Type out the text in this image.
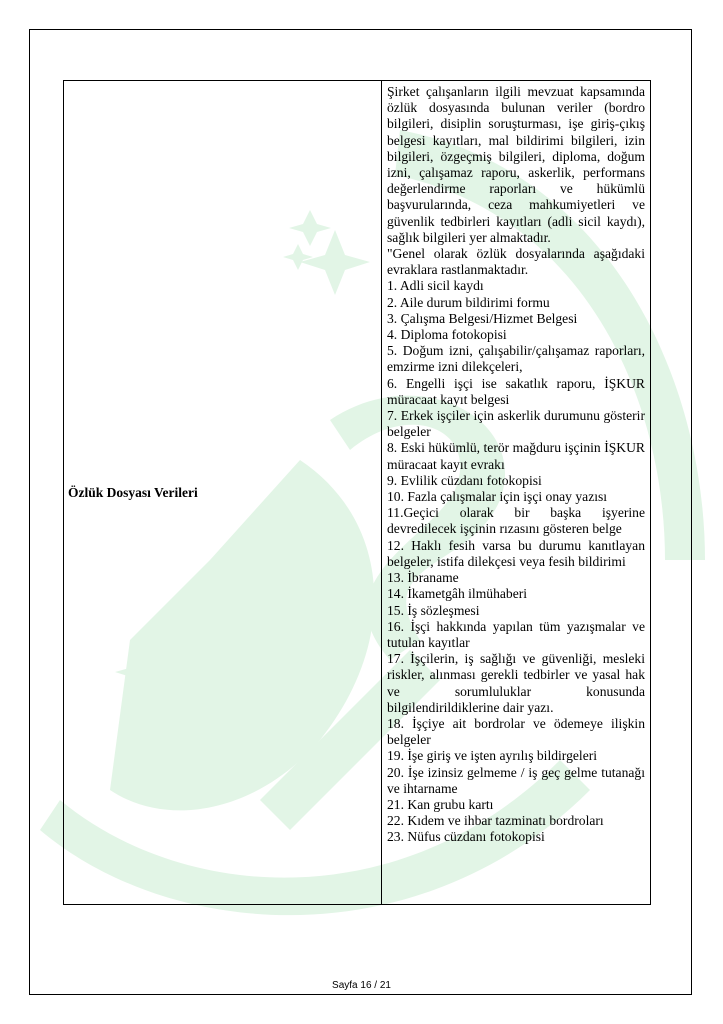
Özlük Dosyası Verileri

Şirket çalışanların ilgili mevzuat kapsamında özlük dosyasında bulunan veriler (bordro bilgileri, disiplin soruşturması, işe giriş-çıkış belgesi kayıtları, mal bildirimi bilgileri, izin bilgileri, özgeçmiş bilgileri, diploma, doğum izni, çalışamaz raporu, askerlik, performans değerlendirme raporları ve hükümlü başvurularında, ceza mahkumiyetleri ve güvenlik tedbirleri kayıtları (adli sicil kaydı), sağlık bilgileri yer almaktadır.

"Genel olarak özlük dosyalarında aşağıdaki evraklara rastlanmaktadır.

1. Adli sicil kaydı

2. Aile durum bildirimi formu

3. Çalışma Belgesi/Hizmet Belgesi

4. Diploma fotokopisi

5. Doğum izni, çalışabilir/çalışamaz raporları, emzirme izni dilekçeleri,

6. Engelli işçi ise sakatlık raporu, İŞKUR müracaat kayıt belgesi

7. Erkek işçiler için askerlik durumunu gösterir belgeler

8. Eski hükümlü, terör mağduru işçinin İŞKUR müracaat kayıt evrakı

9. Evlilik cüzdanı fotokopisi

10. Fazla çalışmalar için işçi onay yazısı

11.Geçici olarak bir başka işyerine devredilecek işçinin rızasını gösteren belge

12. Haklı fesih varsa bu durumu kanıtlayan belgeler, istifa dilekçesi veya fesih bildirimi

13. İbraname

14. İkametgâh ilmühaberi

15. İş sözleşmesi

16. İşçi hakkında yapılan tüm yazışmalar ve tutulan kayıtlar

17. İşçilerin, iş sağlığı ve güvenliği, mesleki riskler, alınması gerekli tedbirler ve yasal hak ve sorumluluklar konusunda bilgilendirildiklerine dair yazı.

18. İşçiye ait bordrolar ve ödemeye ilişkin belgeler

19. İşe giriş ve işten ayrılış bildirgeleri

20. İşe izinsiz gelmeme / iş geç gelme tutanağı ve ihtarname

21. Kan grubu kartı

22. Kıdem ve ihbar tazminatı bordroları

23. Nüfus cüzdanı fotokopisi

Sayfa 16 / 21
